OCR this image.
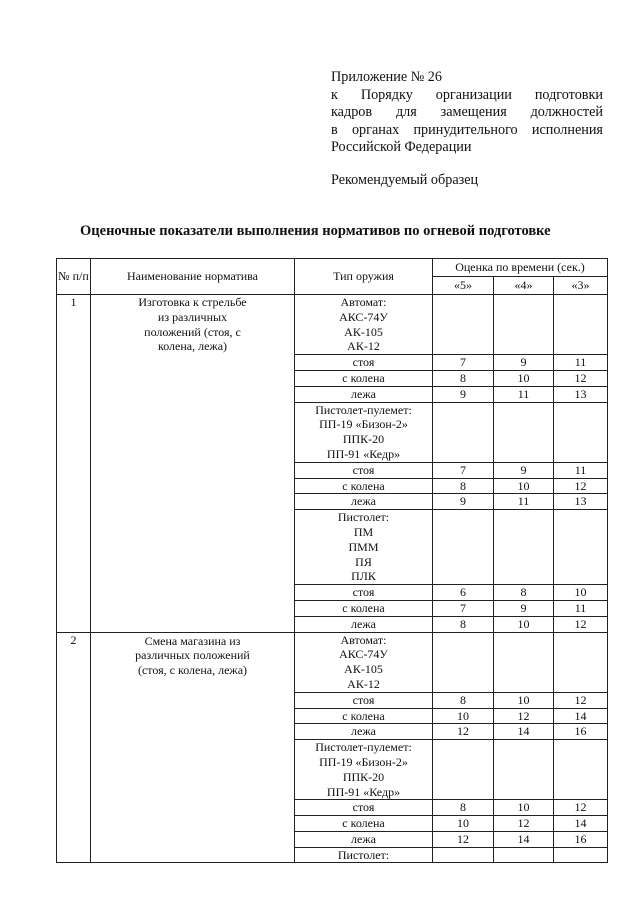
Приложение № 26
к Порядку организации подготовки
кадров для замещения должностей
в органах принудительного исполнения
Российской Федерации
Рекомендуемый образец
Оценочные показатели выполнения нормативов по огневой подготовке
№ п/п	Наименование норматива	Тип оружия	Оценка по времени (сек.)		
			«5»	«4»	«3»
1	Изготовка к стрельбе из различных положений (стоя, с колена, лежа)	Автомат:
АКС-74У
АК-105
АК-12			

		стоя	7	9	11
		с колена	8	10	12
		лежа	9	11	13

		Пистолет-пулемет:
ПП-19 «Бизон-2»
ППК-20
ПП-91 «Кедр»			

		стоя	7	9	11
		с колена	8	10	12
		лежа	9	11	13

		Пистолет:
ПМ
ПММ
ПЯ
ПЛК			

		стоя	6	8	10
		с колена	7	9	11
		лежа	8	10	12
2	Смена магазина из различных положений (стоя, с колена, лежа)	Автомат:
АКС-74У
АК-105
АК-12			

		стоя	8	10	12
		с колена	10	12	14
		лежа	12	14	16

		Пистолет-пулемет:
ПП-19 «Бизон-2»
ППК-20
ПП-91 «Кедр»			

		стоя	8	10	12
		с колена	10	12	14
		лежа	12	14	16

		Пистолет:			
